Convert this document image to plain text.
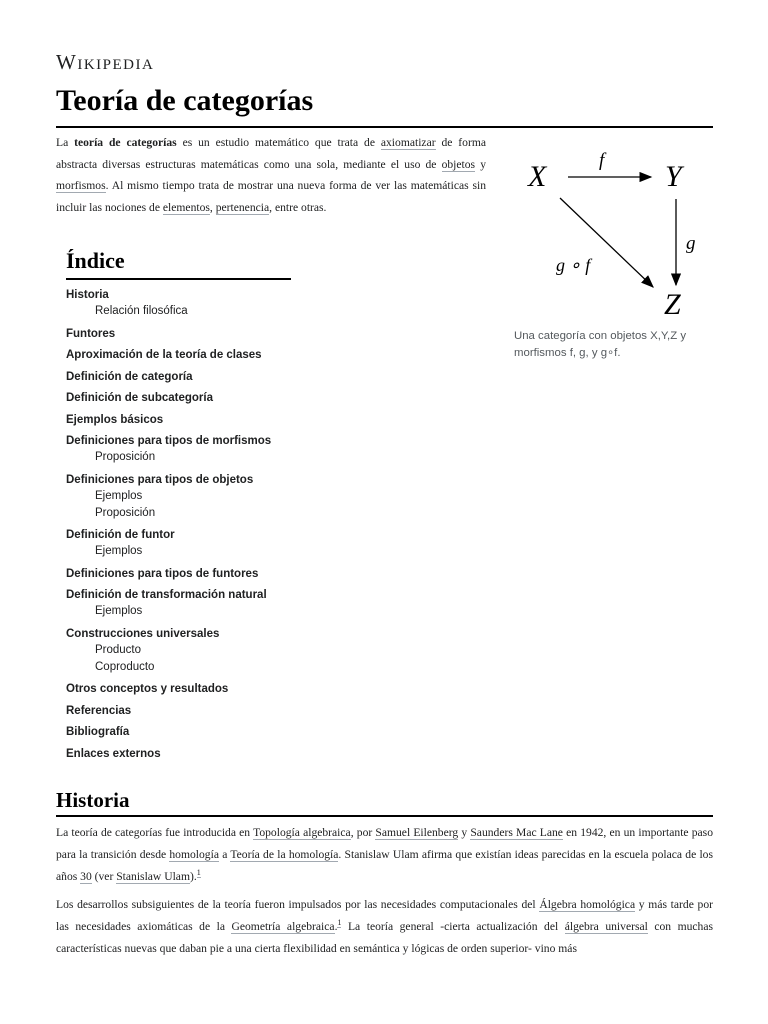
Wikipedia
Teoría de categorías

La teoría de categorías es un estudio matemático que trata de axiomatizar de forma abstracta diversas estructuras matemáticas como una sola, mediante el uso de objetos y morfismos. Al mismo tiempo trata de mostrar una nueva forma de ver las matemáticas sin incluir las nociones de elementos, pertenencia, entre otras.

X	Y
Z
f
g
g ∘ f
Una categoría con objetos X,Y,Z y morfismos f, g, y g∘f.
Índice
Historia
Relación filosófica
Funtores
Aproximación de la teoría de clases
Definición de categoría
Definición de subcategoría
Ejemplos básicos
Definiciones para tipos de morfismos
Proposición
Definiciones para tipos de objetos
Ejemplos
Proposición
Definición de funtor
Ejemplos
Definiciones para tipos de funtores
Definición de transformación natural
Ejemplos
Construcciones universales
Producto
Coproducto
Otros conceptos y resultados
Referencias
Bibliografía
Enlaces externos
Historia

La teoría de categorías fue introducida en Topología algebraica, por Samuel Eilenberg y Saunders Mac Lane en 1942, en un importante paso para la transición desde homología a Teoría de la homología. Stanislaw Ulam afirma que existían ideas parecidas en la escuela polaca de los años 30 (ver Stanislaw Ulam).$^1$

Los desarrollos subsiguientes de la teoría fueron impulsados por las necesidades computacionales del Álgebra homológica y más tarde por las necesidades axiomáticas de la Geometría algebraica.$^1$ La teoría general -cierta actualización del álgebra universal con muchas características nuevas que daban pie a una cierta flexibilidad en semántica y lógicas de orden superior- vino más
